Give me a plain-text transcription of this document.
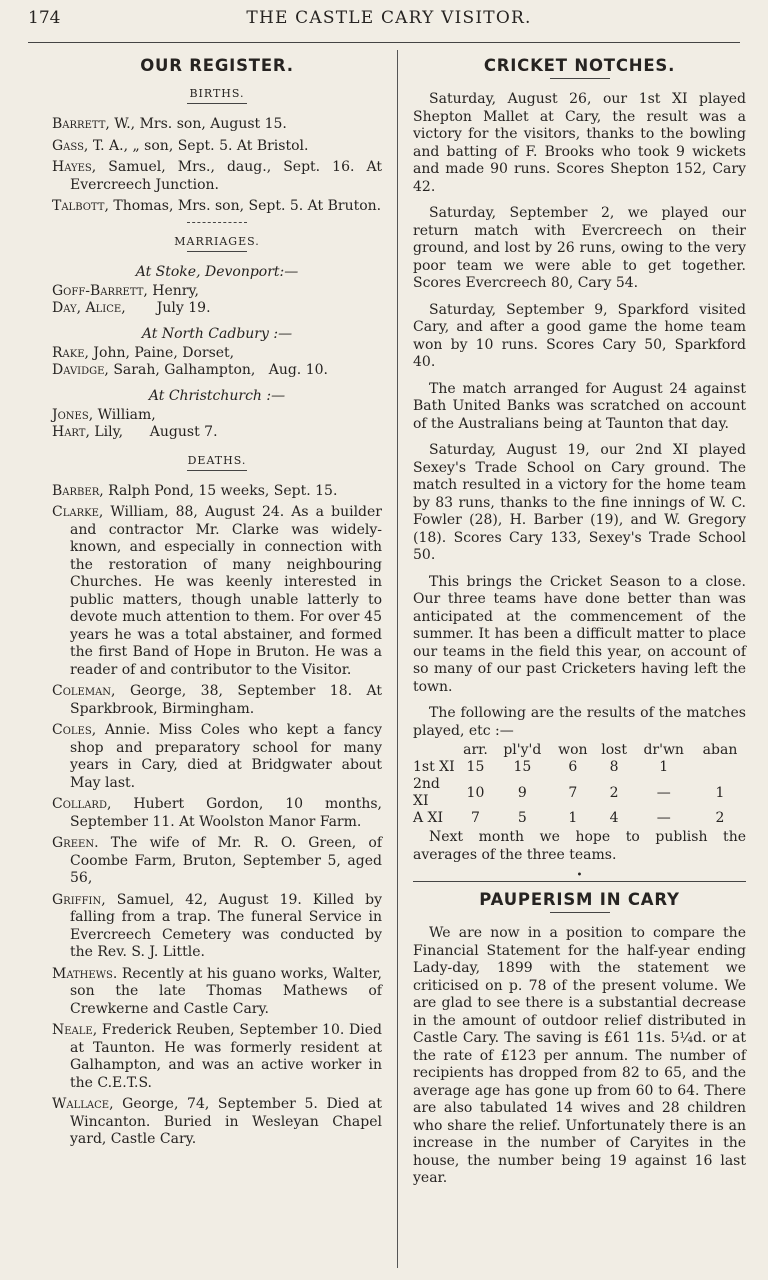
174	THE CASTLE CARY VISITOR.
OUR REGISTER.
BIRTHS.

Barrett, W., Mrs. son, August 15.

Gass, T. A., „ son, Sept. 5. At Bristol.

Hayes, Samuel, Mrs., daug., Sept. 16. At Evercreech Junction.

Talbott, Thomas, Mrs. son, Sept. 5. At Bruton.

MARRIAGES.
At Stoke, Devonport:—

Goff-Barrett, Henry,

Day, Alice,       July 19.

At North Cadbury :—

Rake, John, Paine, Dorset,

Davidge, Sarah, Galhampton,   Aug. 10.

At Christchurch :—

Jones, William,

Hart, Lily,      August 7.

DEATHS.

Barber, Ralph Pond, 15 weeks, Sept. 15.

Clarke, William, 88, August 24. As a builder and contractor Mr. Clarke was widely-known, and especially in connection with the restoration of many neighbouring Churches. He was keenly interested in public matters, though unable latterly to devote much attention to them. For over 45 years he was a total abstainer, and formed the first Band of Hope in Bruton. He was a reader of and contributor to the Visitor.

Coleman, George, 38, September 18. At Sparkbrook, Birmingham.

Coles, Annie. Miss Coles who kept a fancy shop and preparatory school for many years in Cary, died at Bridgwater about May last.

Collard, Hubert Gordon, 10 months, September 11. At Woolston Manor Farm.

Green. The wife of Mr. R. O. Green, of Coombe Farm, Bruton, September 5, aged 56,

Griffin, Samuel, 42, August 19. Killed by falling from a trap. The funeral Service in Evercreech Cemetery was conducted by the Rev. S. J. Little.

Mathews. Recently at his guano works, Walter, son the late Thomas Mathews of Crewkerne and Castle Cary.

Neale, Frederick Reuben, September 10. Died at Taunton. He was formerly resident at Galhampton, and was an active worker in the C.E.T.S.

Wallace, George, 74, September 5. Died at Wincanton. Buried in Wesleyan Chapel yard, Castle Cary.

CRICKET NOTCHES.

Saturday, August 26, our 1st XI played Shepton Mallet at Cary, the result was a victory for the visitors, thanks to the bowling and batting of F. Brooks who took 9 wickets and made 90 runs. Scores Shepton 152, Cary 42.

Saturday, September 2, we played our return match with Evercreech on their ground, and lost by 26 runs, owing to the very poor team we were able to get together. Scores Evercreech 80, Cary 54.

Saturday, September 9, Sparkford visited Cary, and after a good game the home team won by 10 runs. Scores Cary 50, Sparkford 40.

The match arranged for August 24 against Bath United Banks was scratched on account of the Australians being at Taunton that day.

Saturday, August 19, our 2nd XI played Sexey's Trade School on Cary ground. The match resulted in a victory for the home team by 83 runs, thanks to the fine innings of W. C. Fowler (28), H. Barber (19), and W. Gregory (18). Scores Cary 133, Sexey's Trade School 50.

This brings the Cricket Season to a close. Our three teams have done better than was anticipated at the commencement of the summer. It has been a difficult matter to place our teams in the field this year, on account of so many of our past Cricketers having left the town.

The following are the results of the matches played, etc :—

	arr.	pl'y'd	won	lost	dr'wn	aban
1st XI	15	15	6	8	1	
2nd XI	10	9	7	2	—	1
A XI	7	5	1	4	—	2

Next month we hope to publish the averages of the three teams.

•

PAUPERISM IN CARY

We are now in a position to compare the Financial Statement for the half-year ending Lady-day, 1899 with the statement we criticised on p. 78 of the present volume. We are glad to see there is a substantial decrease in the amount of outdoor relief distributed in Castle Cary. The saving is £61 11s. 5¼d. or at the rate of £123 per annum. The number of recipients has dropped from 82 to 65, and the average age has gone up from 60 to 64. There are also tabulated 14 wives and 28 children who share the relief. Unfortunately there is an increase in the number of Caryites in the house, the number being 19 against 16 last year.
